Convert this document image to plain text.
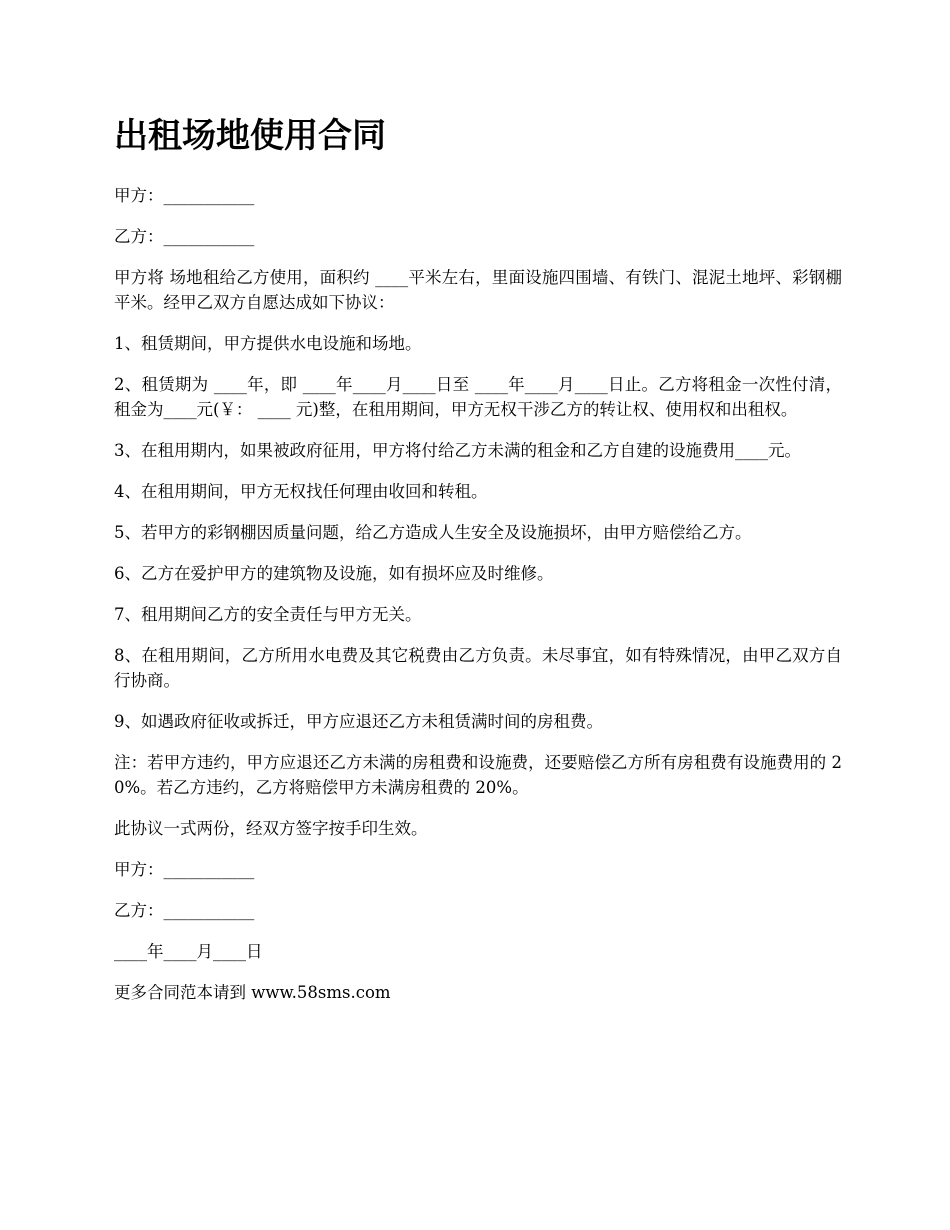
出租场地使用合同

甲方：___________

乙方：___________

甲方将 场地租给乙方使用，面积约 ____平米左右，里面设施四围墙、有铁门、混泥土地坪、彩钢棚 平米。经甲乙双方自愿达成如下协议：

1、租赁期间，甲方提供水电设施和场地。

2、租赁期为 ____年，即 ____年____月____日至 ____年____月____日止。乙方将租金一次性付清，租金为____元(￥： ____ 元)整，在租用期间，甲方无权干涉乙方的转让权、使用权和出租权。

3、在租用期内，如果被政府征用，甲方将付给乙方未满的租金和乙方自建的设施费用____元。

4、在租用期间，甲方无权找任何理由收回和转租。

5、若甲方的彩钢棚因质量问题，给乙方造成人生安全及设施损坏，由甲方赔偿给乙方。

6、乙方在爱护甲方的建筑物及设施，如有损坏应及时维修。

7、租用期间乙方的安全责任与甲方无关。

8、在租用期间，乙方所用水电费及其它税费由乙方负责。未尽事宜，如有特殊情况，由甲乙双方自行协商。

9、如遇政府征收或拆迁，甲方应退还乙方未租赁满时间的房租费。

注：若甲方违约，甲方应退还乙方未满的房租费和设施费，还要赔偿乙方所有房租费有设施费用的 20%。若乙方违约，乙方将赔偿甲方未满房租费的 20%。

此协议一式两份，经双方签字按手印生效。

甲方：___________

乙方：___________

____年____月____日

更多合同范本请到 www.58sms.com
